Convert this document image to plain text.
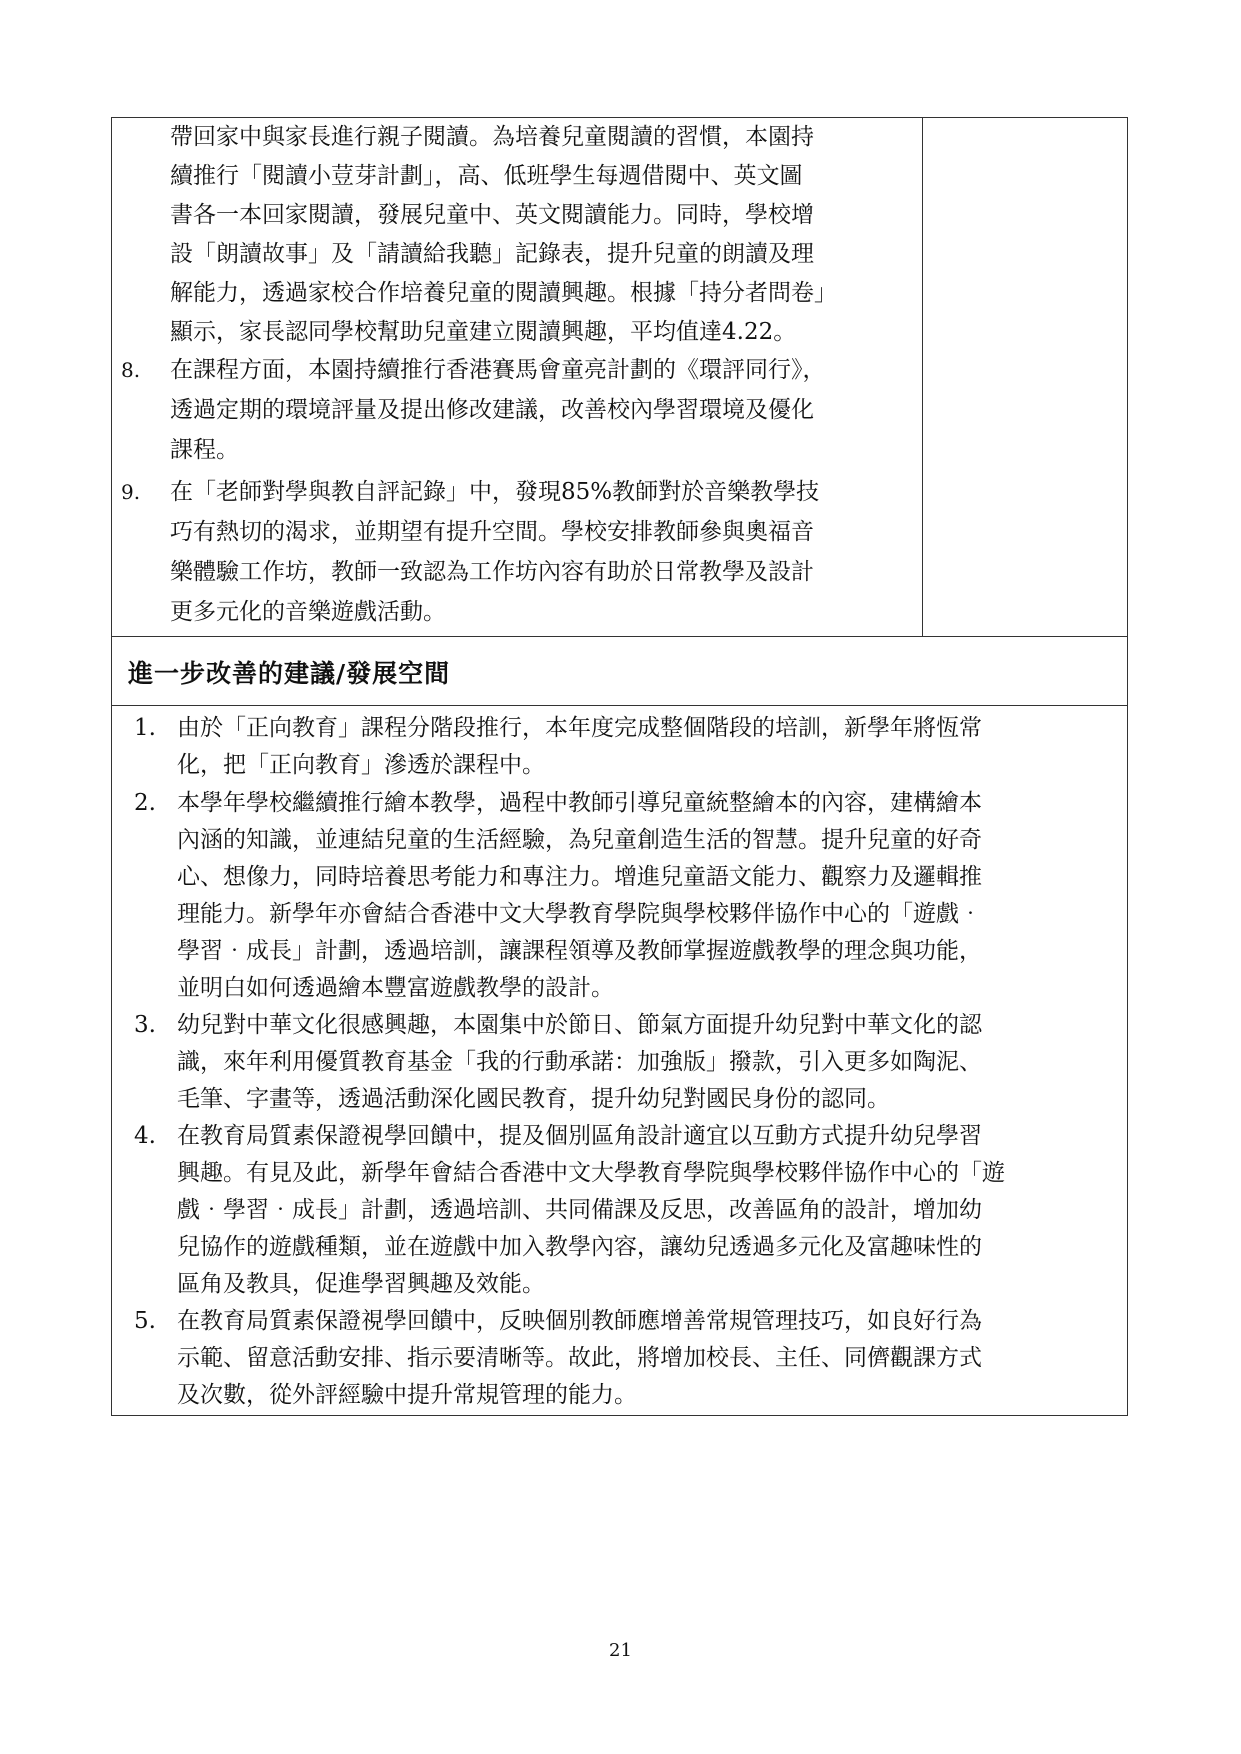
帶回家中與家長進行親子閱讀。為培養兒童閱讀的習慣，本園持
續推行「閱讀小荳芽計劃」，高、低班學生每週借閱中、英文圖
書各一本回家閱讀，發展兒童中、英文閱讀能力。同時，學校增
設「朗讀故事」及「請讀給我聽」記錄表，提升兒童的朗讀及理
解能力，透過家校合作培養兒童的閱讀興趣。根據「持分者問卷」
顯示，家長認同學校幫助兒童建立閱讀興趣，平均值達4.22。
8. 在課程方面，本園持續推行香港賽馬會童亮計劃的《環評同行》，
透過定期的環境評量及提出修改建議，改善校內學習環境及優化
課程。
9. 在「老師對學與教自評記錄」中，發現85%教師對於音樂教學技
巧有熱切的渴求，並期望有提升空間。學校安排教師參與奧福音
樂體驗工作坊，教師一致認為工作坊內容有助於日常教學及設計
更多元化的音樂遊戲活動。
進一步改善的建議/發展空間
1. 由於「正向教育」課程分階段推行，本年度完成整個階段的培訓，新學年將恆常
化，把「正向教育」滲透於課程中。
2. 本學年學校繼續推行繪本教學，過程中教師引導兒童統整繪本的內容，建構繪本
內涵的知識，並連結兒童的生活經驗，為兒童創造生活的智慧。提升兒童的好奇
心、想像力，同時培養思考能力和專注力。增進兒童語文能力、觀察力及邏輯推
理能力。新學年亦會結合香港中文大學教育學院與學校夥伴協作中心的「遊戲‧
學習‧成長」計劃，透過培訓，讓課程領導及教師掌握遊戲教學的理念與功能，
並明白如何透過繪本豐富遊戲教學的設計。
3. 幼兒對中華文化很感興趣，本園集中於節日、節氣方面提升幼兒對中華文化的認
識，來年利用優質教育基金「我的行動承諾：加強版」撥款，引入更多如陶泥、
毛筆、字畫等，透過活動深化國民教育，提升幼兒對國民身份的認同。
4. 在教育局質素保證視學回饋中，提及個別區角設計適宜以互動方式提升幼兒學習
興趣。有見及此，新學年會結合香港中文大學教育學院與學校夥伴協作中心的「遊
戲‧學習‧成長」計劃，透過培訓、共同備課及反思，改善區角的設計，增加幼
兒協作的遊戲種類，並在遊戲中加入教學內容，讓幼兒透過多元化及富趣味性的
區角及教具，促進學習興趣及效能。
5. 在教育局質素保證視學回饋中，反映個別教師應增善常規管理技巧，如良好行為
示範、留意活動安排、指示要清晰等。故此，將增加校長、主任、同儕觀課方式
及次數，從外評經驗中提升常規管理的能力。
21
